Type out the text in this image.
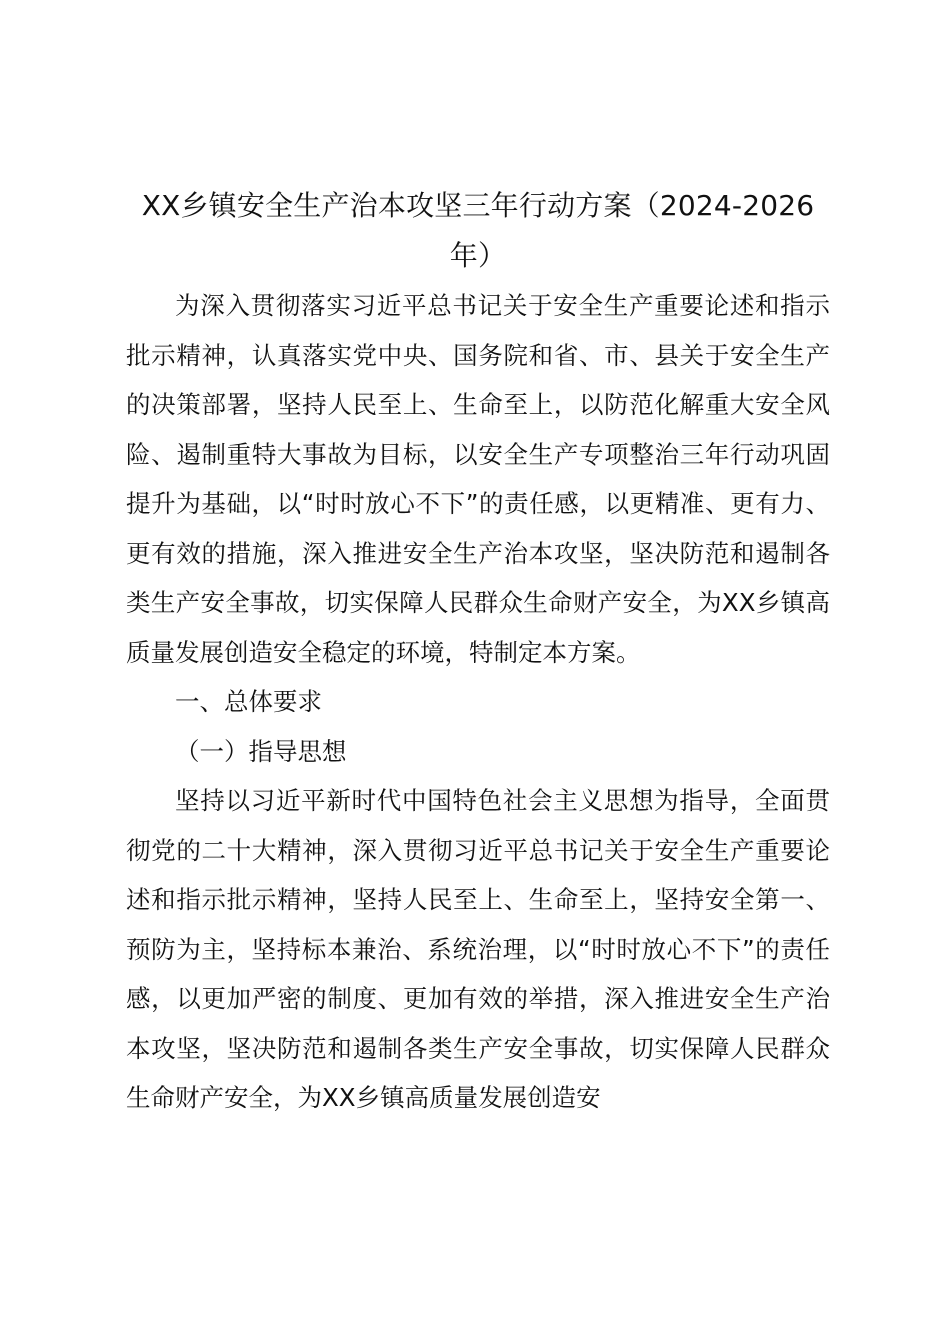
XX乡镇安全生产治本攻坚三年行动方案（2024-2026年）

为深入贯彻落实习近平总书记关于安全生产重要论述和指示批示精神，认真落实党中央、国务院和省、市、县关于安全生产的决策部署，坚持人民至上、生命至上，以防范化解重大安全风险、遏制重特大事故为目标，以安全生产专项整治三年行动巩固提升为基础，以“时时放心不下”的责任感，以更精准、更有力、更有效的措施，深入推进安全生产治本攻坚，坚决防范和遏制各类生产安全事故，切实保障人民群众生命财产安全，为XX乡镇高质量发展创造安全稳定的环境，特制定本方案。

一、总体要求

（一）指导思想

坚持以习近平新时代中国特色社会主义思想为指导，全面贯彻党的二十大精神，深入贯彻习近平总书记关于安全生产重要论述和指示批示精神，坚持人民至上、生命至上，坚持安全第一、预防为主，坚持标本兼治、系统治理，以“时时放心不下”的责任感，以更加严密的制度、更加有效的举措，深入推进安全生产治本攻坚，坚决防范和遏制各类生产安全事故，切实保障人民群众生命财产安全，为XX乡镇高质量发展创造安
